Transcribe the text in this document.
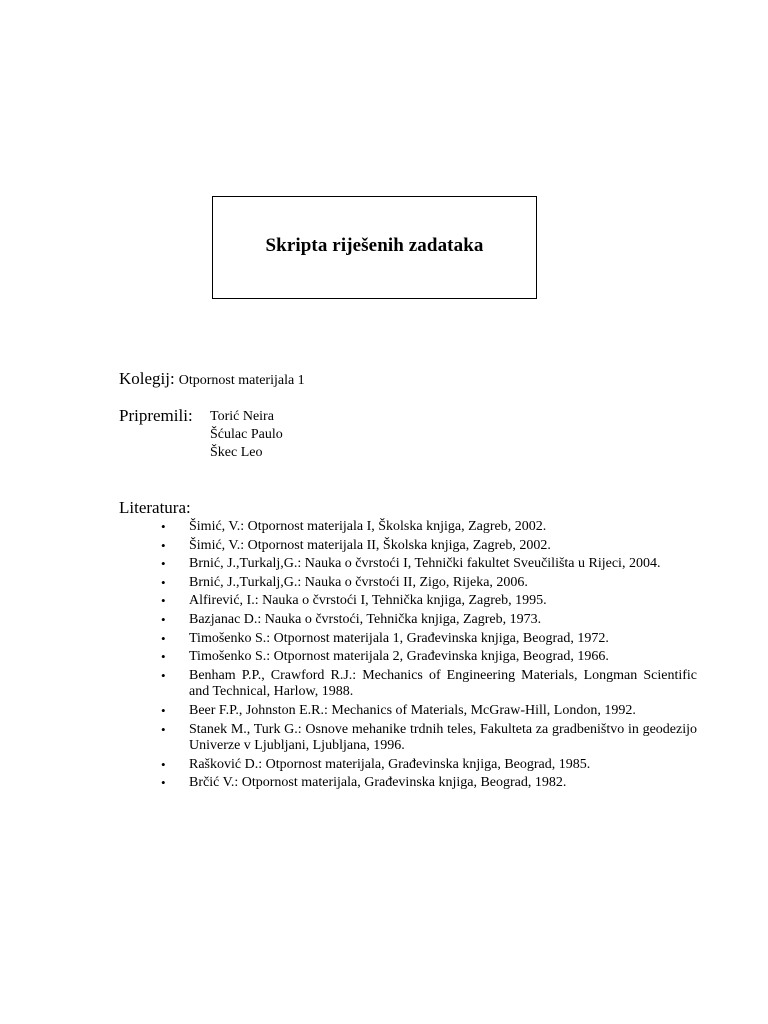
Skripta riješenih zadataka
Kolegij: Otpornost materijala 1
Pripremili: Torić Neira
Šćulac Paulo
Škec Leo
Literatura:
• Šimić, V.: Otpornost materijala I, Školska knjiga, Zagreb, 2002.
• Šimić, V.: Otpornost materijala II, Školska knjiga, Zagreb, 2002.
• Brnić, J.,Turkalj,G.: Nauka o čvrstoći I, Tehnički fakultet Sveučilišta u Rijeci, 2004.
• Brnić, J.,Turkalj,G.: Nauka o čvrstoći II, Zigo, Rijeka, 2006.
• Alfirević, I.: Nauka o čvrstoći I, Tehnička knjiga, Zagreb, 1995.
• Bazjanac D.: Nauka o čvrstoći, Tehnička knjiga, Zagreb, 1973.
• Timošenko S.: Otpornost materijala 1, Građevinska knjiga, Beograd, 1972.
• Timošenko S.: Otpornost materijala 2, Građevinska knjiga, Beograd, 1966.
• Benham P.P., Crawford R.J.: Mechanics of Engineering Materials, Longman Scientific and Technical, Harlow, 1988.
• Beer F.P., Johnston E.R.: Mechanics of Materials, McGraw-Hill, London, 1992.
• Stanek M., Turk G.: Osnove mehanike trdnih teles, Fakulteta za gradbeništvo in geodezijo Univerze v Ljubljani, Ljubljana, 1996.
• Rašković D.: Otpornost materijala, Građevinska knjiga, Beograd, 1985.
• Brčić V.: Otpornost materijala, Građevinska knjiga, Beograd, 1982.
